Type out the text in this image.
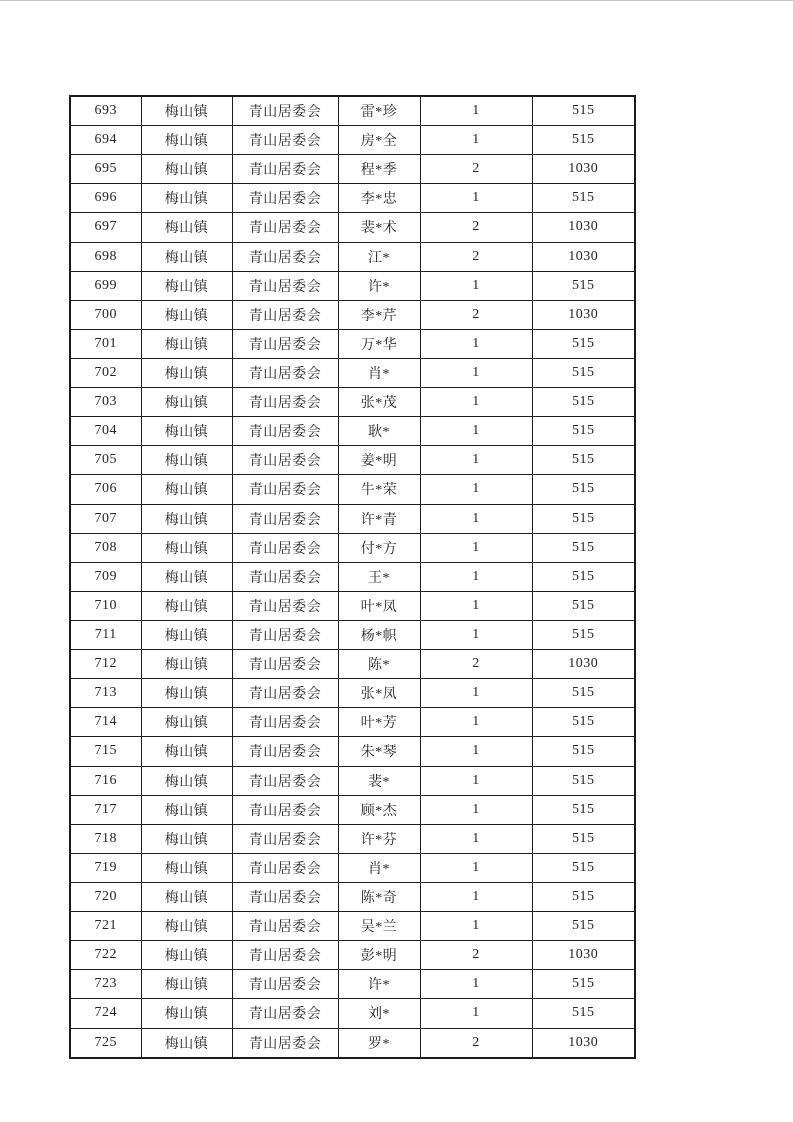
693	梅山镇	青山居委会	雷*珍	1	515
694	梅山镇	青山居委会	房*全	1	515
695	梅山镇	青山居委会	程*季	2	1030
696	梅山镇	青山居委会	李*忠	1	515
697	梅山镇	青山居委会	裴*术	2	1030
698	梅山镇	青山居委会	江*	2	1030
699	梅山镇	青山居委会	许*	1	515
700	梅山镇	青山居委会	李*芹	2	1030
701	梅山镇	青山居委会	万*华	1	515
702	梅山镇	青山居委会	肖*	1	515
703	梅山镇	青山居委会	张*茂	1	515
704	梅山镇	青山居委会	耿*	1	515
705	梅山镇	青山居委会	姜*明	1	515
706	梅山镇	青山居委会	牛*荣	1	515
707	梅山镇	青山居委会	许*青	1	515
708	梅山镇	青山居委会	付*方	1	515
709	梅山镇	青山居委会	王*	1	515
710	梅山镇	青山居委会	叶*凤	1	515
711	梅山镇	青山居委会	杨*帜	1	515
712	梅山镇	青山居委会	陈*	2	1030
713	梅山镇	青山居委会	张*凤	1	515
714	梅山镇	青山居委会	叶*芳	1	515
715	梅山镇	青山居委会	朱*琴	1	515
716	梅山镇	青山居委会	裴*	1	515
717	梅山镇	青山居委会	顾*杰	1	515
718	梅山镇	青山居委会	许*芬	1	515
719	梅山镇	青山居委会	肖*	1	515
720	梅山镇	青山居委会	陈*奇	1	515
721	梅山镇	青山居委会	吴*兰	1	515
722	梅山镇	青山居委会	彭*明	2	1030
723	梅山镇	青山居委会	许*	1	515
724	梅山镇	青山居委会	刘*	1	515
725	梅山镇	青山居委会	罗*	2	1030
